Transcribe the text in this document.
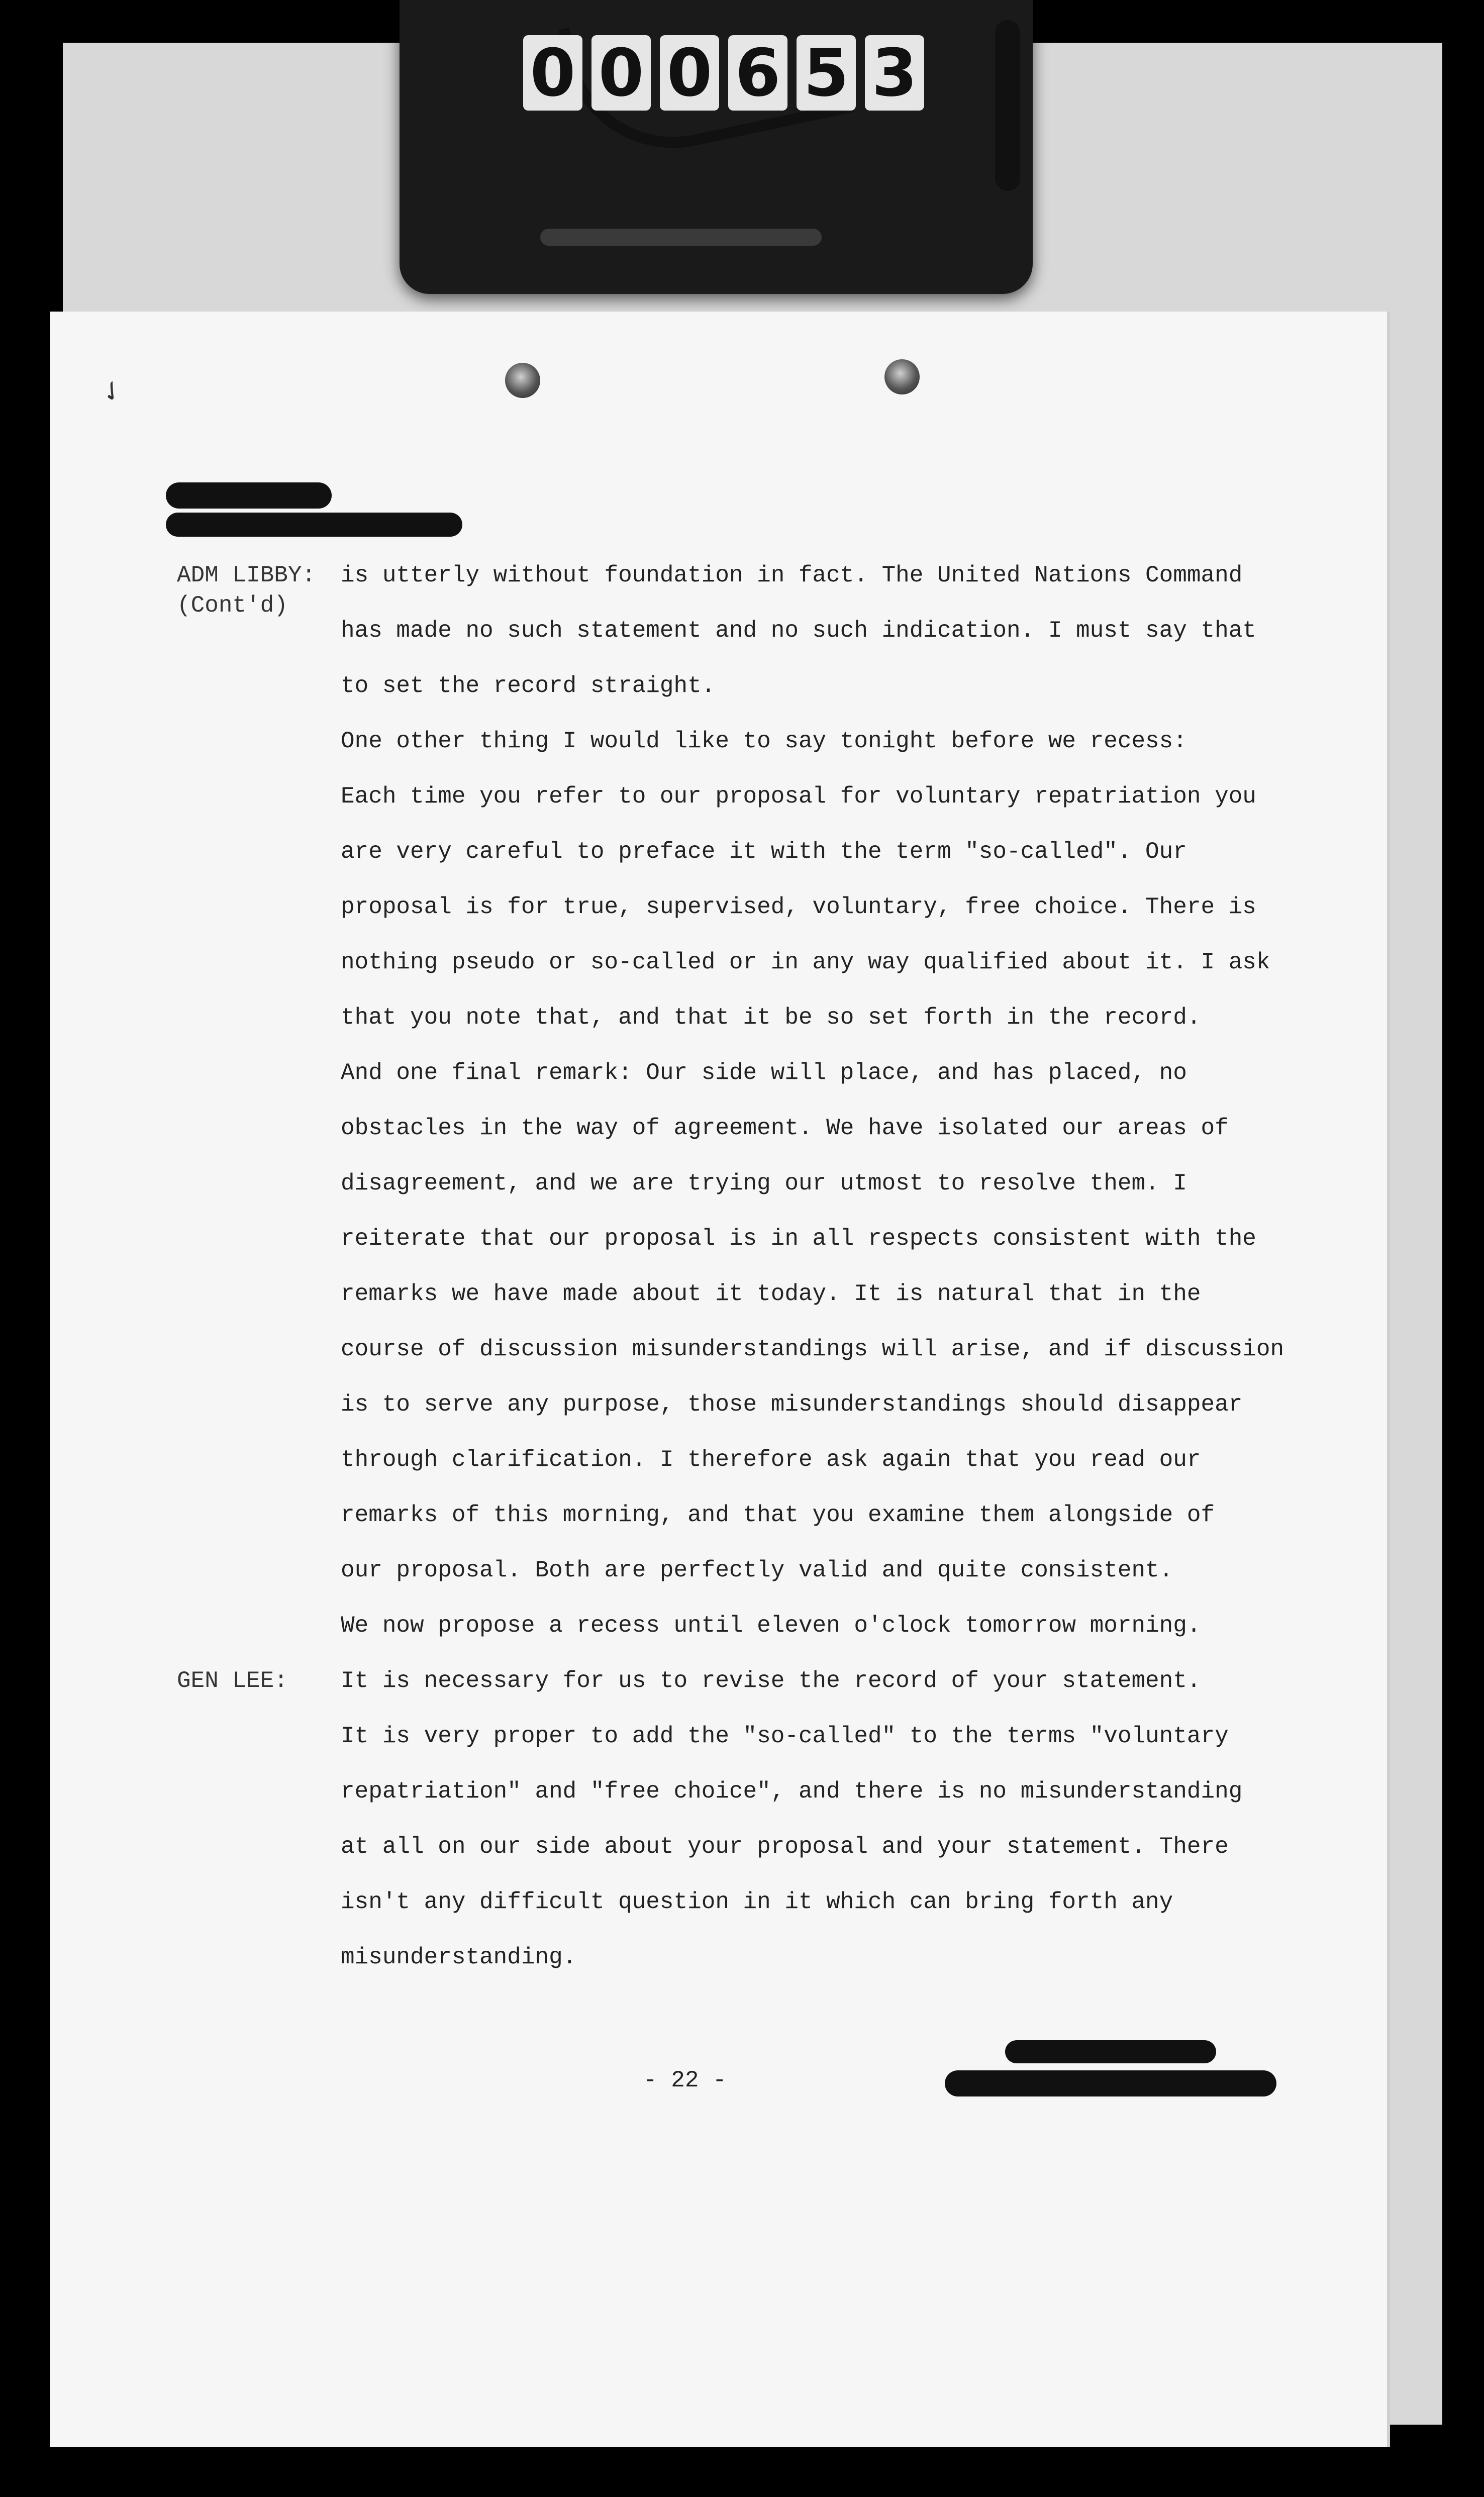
0 0 0 6 5 3
✓
ADM LIBBY:
(Cont'd)
is utterly without foundation in fact. The United Nations Command
has made no such statement and no such indication. I must say that
to set the record straight.
One other thing I would like to say tonight before we recess:
Each time you refer to our proposal for voluntary repatriation you
are very careful to preface it with the term "so-called". Our
proposal is for true, supervised, voluntary, free choice. There is
nothing pseudo or so-called or in any way qualified about it. I ask
that you note that, and that it be so set forth in the record.
And one final remark: Our side will place, and has placed, no
obstacles in the way of agreement. We have isolated our areas of
disagreement, and we are trying our utmost to resolve them. I
reiterate that our proposal is in all respects consistent with the
remarks we have made about it today. It is natural that in the
course of discussion misunderstandings will arise, and if discussion
is to serve any purpose, those misunderstandings should disappear
through clarification. I therefore ask again that you read our
remarks of this morning, and that you examine them alongside of
our proposal. Both are perfectly valid and quite consistent.
We now propose a recess until eleven o'clock tomorrow morning.
GEN LEE: It is necessary for us to revise the record of your statement.
It is very proper to add the "so-called" to the terms "voluntary
repatriation" and "free choice", and there is no misunderstanding
at all on our side about your proposal and your statement. There
isn't any difficult question in it which can bring forth any
misunderstanding.
- 22 -
